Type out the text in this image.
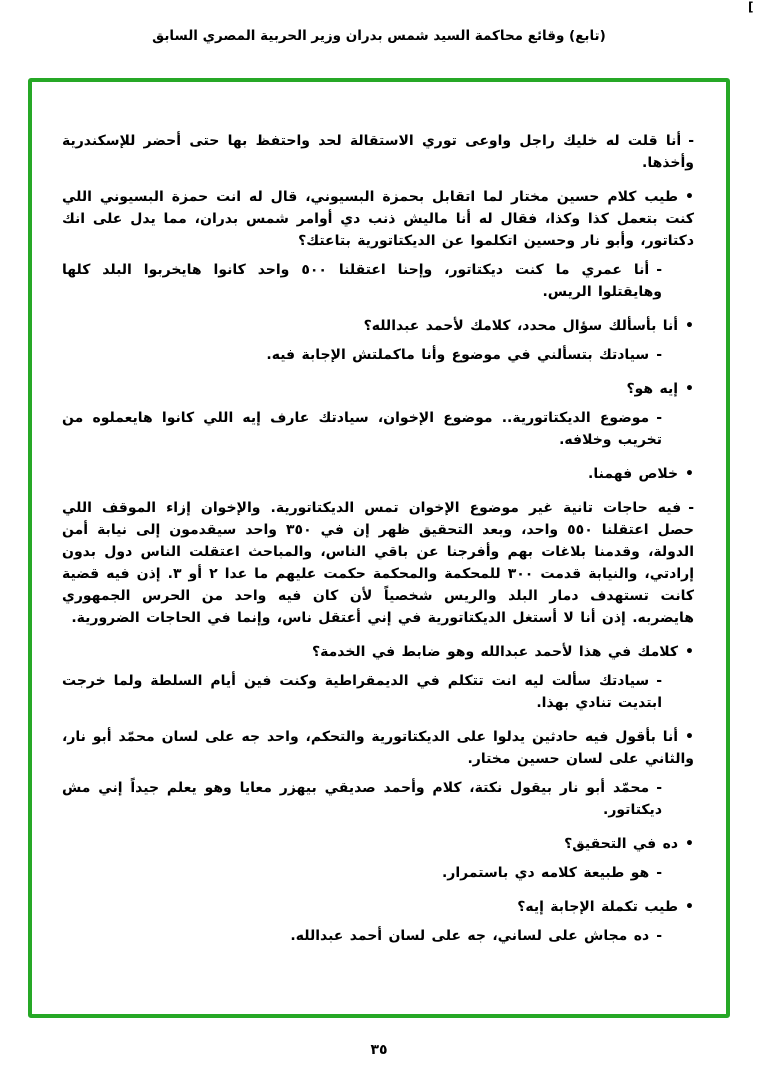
[
(تابع) وقائع محاكمة السيد شمس بدران وزير الحربية المصري السابق
-أنا قلت له خليك راجل واوعى توري الاستقالة لحد واحتفظ بها حتى أحضر للإسكندرية وأخذها.
•طيب كلام حسين مختار لما اتقابل بحمزة البسيوني، قال له انت حمزة البسيوني اللي كنت بتعمل كذا وكذا، فقال له أنا ماليش ذنب دي أوامر شمس بدران، مما يدل على انك دكتاتور، وأبو نار وحسين اتكلموا عن الديكتاتورية بتاعتك؟
-أنا عمري ما كنت ديكتاتور، وإحنا اعتقلنا ٥٠٠ واحد كانوا هايخربوا البلد كلها وهايقتلوا الريس.
•أنا بأسألك سؤال محدد، كلامك لأحمد عبدالله؟
-سيادتك بتسألني في موضوع وأنا ماكملتش الإجابة فيه.
•إيه هو؟
-موضوع الديكتاتورية.. موضوع الإخوان، سيادتك عارف إيه اللي كانوا هايعملوه من تخريب وخلافه.
•خلاص فهمنا.
-فيه حاجات تانية غير موضوع الإخوان تمس الديكتاتورية. والإخوان إزاء الموقف اللي حصل اعتقلنا ٥٥٠ واحد، وبعد التحقيق ظهر إن في ٣٥٠ واحد سيقدمون إلى نيابة أمن الدولة، وقدمنا بلاغات بهم وأفرجنا عن باقي الناس، والمباحث اعتقلت الناس دول بدون إرادتي، والنيابة قدمت ٣٠٠ للمحكمة والمحكمة حكمت عليهم ما عدا ٢ أو ٣. إذن فيه قضية كانت تستهدف دمار البلد والريس شخصياً لأن كان فيه واحد من الحرس الجمهوري هايضربه. إذن أنا لا أستغل الديكتاتورية في إني أعتقل ناس، وإنما في الحاجات الضرورية.
•كلامك في هذا لأحمد عبدالله وهو ضابط في الخدمة؟
-سيادتك سألت ليه انت تتكلم في الديمقراطية وكنت فين أيام السلطة ولما خرجت ابتديت تنادي بهذا.
•أنا بأقول فيه حادثين يدلوا على الديكتاتورية والتحكم، واحد جه على لسان محمّد أبو نار، والثاني على لسان حسين مختار.
-محمّد أبو نار بيقول نكتة، كلام وأحمد صديقي بيهزر معايا وهو يعلم جيداً إني مش ديكتاتور.
•ده في التحقيق؟
-هو طبيعة كلامه دي باستمرار.
•طيب تكملة الإجابة إيه؟
-ده مجاش على لساني، جه على لسان أحمد عبدالله.
٣٥
